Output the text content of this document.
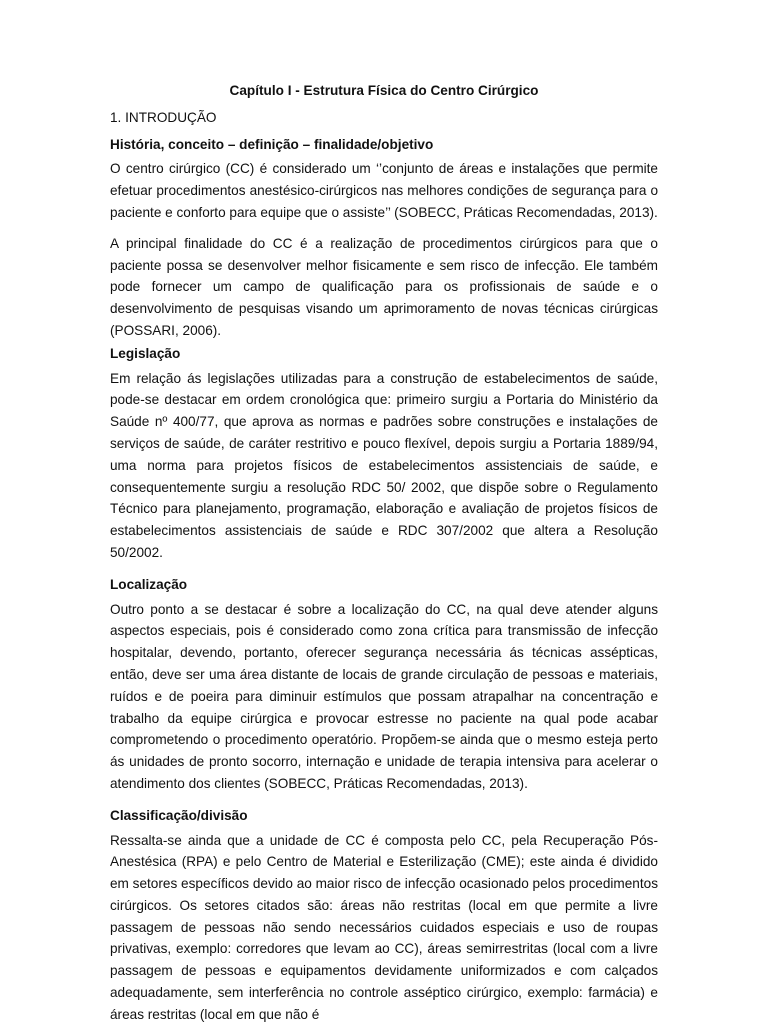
Capítulo I - Estrutura Física do Centro Cirúrgico
1. INTRODUÇÃO
História, conceito – definição – finalidade/objetivo

O centro cirúrgico (CC) é considerado um ‘’conjunto de áreas e instalações que permite efetuar procedimentos anestésico-cirúrgicos nas melhores condições de segurança para o paciente e conforto para equipe que o assiste’’ (SOBECC, Práticas Recomendadas, 2013).

A principal finalidade do CC é a realização de procedimentos cirúrgicos para que o paciente possa se desenvolver melhor fisicamente e sem risco de infecção. Ele também pode fornecer um campo de qualificação para os profissionais de saúde e o desenvolvimento de pesquisas visando um aprimoramento de novas técnicas cirúrgicas (POSSARI, 2006).

Legislação

Em relação ás legislações utilizadas para a construção de estabelecimentos de saúde, pode-se destacar em ordem cronológica que: primeiro surgiu a Portaria do Ministério da Saúde nº 400/77, que aprova as normas e padrões sobre construções e instalações de serviços de saúde, de caráter restritivo e pouco flexível, depois surgiu a Portaria 1889/94, uma norma para projetos físicos de estabelecimentos assistenciais de saúde, e consequentemente surgiu a resolução RDC 50/ 2002, que dispõe sobre o Regulamento Técnico para planejamento, programação, elaboração e avaliação de projetos físicos de estabelecimentos assistenciais de saúde e RDC 307/2002 que altera a Resolução 50/2002.

Localização

Outro ponto a se destacar é sobre a localização do CC, na qual deve atender alguns aspectos especiais, pois é considerado como zona crítica para transmissão de infecção hospitalar, devendo, portanto, oferecer segurança necessária ás técnicas assépticas, então, deve ser uma área distante de locais de grande circulação de pessoas e materiais, ruídos e de poeira para diminuir estímulos que possam atrapalhar na concentração e trabalho da equipe cirúrgica e provocar estresse no paciente na qual pode acabar comprometendo o procedimento operatório. Propõem-se ainda que o mesmo esteja perto ás unidades de pronto socorro, internação e unidade de terapia intensiva para acelerar o atendimento dos clientes (SOBECC, Práticas Recomendadas, 2013).

Classificação/divisão

Ressalta-se ainda que a unidade de CC é composta pelo CC, pela Recuperação Pós-Anestésica (RPA) e pelo Centro de Material e Esterilização (CME); este ainda é dividido em setores específicos devido ao maior risco de infecção ocasionado pelos procedimentos cirúrgicos. Os setores citados são: áreas não restritas (local em que permite a livre passagem de pessoas não sendo necessários cuidados especiais e uso de roupas privativas, exemplo: corredores que levam ao CC), áreas semirrestritas (local com a livre passagem de pessoas e equipamentos devidamente uniformizados e com calçados adequadamente, sem interferência no controle asséptico cirúrgico, exemplo: farmácia) e áreas restritas (local em que não é
